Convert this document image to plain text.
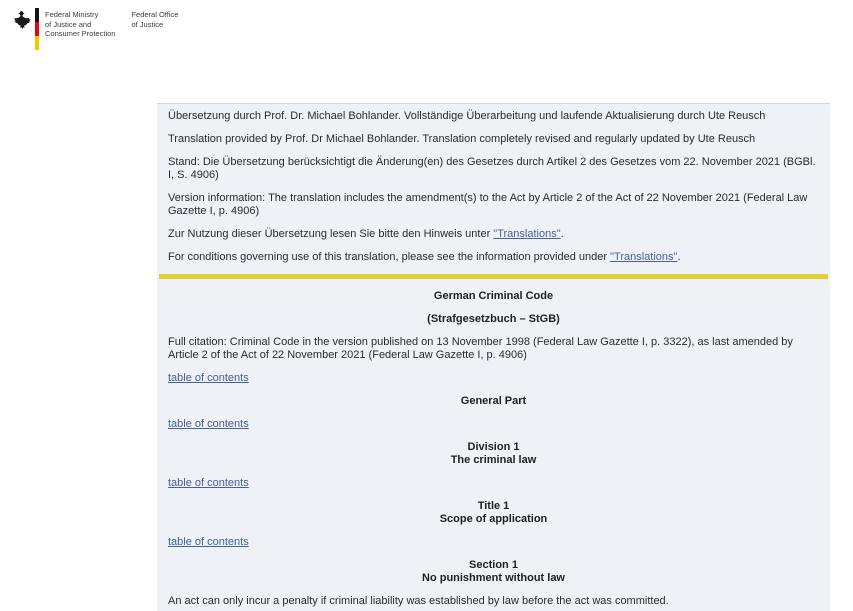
Federal Ministry
of Justice and
Consumer Protection
Federal Office
of Justice

Übersetzung durch Prof. Dr. Michael Bohlander. Vollständige Überarbeitung und laufende Aktualisierung durch Ute Reusch

Translation provided by Prof. Dr Michael Bohlander. Translation completely revised and regularly updated by Ute Reusch

Stand: Die Übersetzung berücksichtigt die Änderung(en) des Gesetzes durch Artikel 2 des Gesetzes vom 22. November 2021 (BGBl. I, S. 4906)

Version information: The translation includes the amendment(s) to the Act by Article 2 of the Act of 22 November 2021 (Federal Law Gazette I, p. 4906)

Zur Nutzung dieser Übersetzung lesen Sie bitte den Hinweis unter "Translations".

For conditions governing use of this translation, please see the information provided under "Translations".

German Criminal Code
(Strafgesetzbuch – StGB)

Full citation: Criminal Code in the version published on 13 November 1998 (Federal Law Gazette I, p. 3322), as last amended by Article 2 of the Act of 22 November 2021 (Federal Law Gazette I, p. 4906)

table of contents

General Part

table of contents

Division 1
The criminal law

table of contents

Title 1
Scope of application

table of contents

Section 1
No punishment without law

An act can only incur a penalty if criminal liability was established by law before the act was committed.
